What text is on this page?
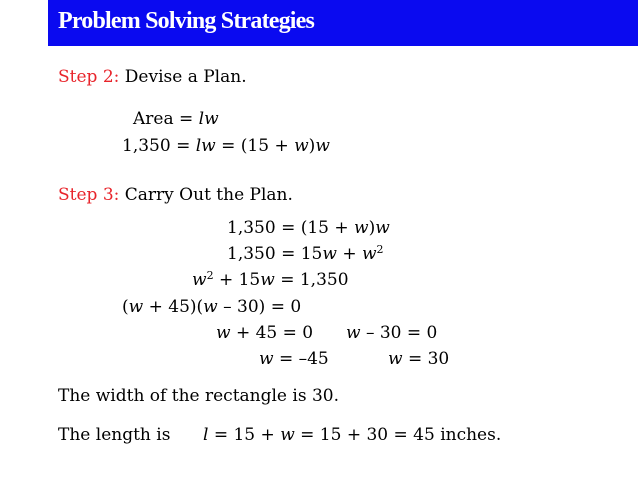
Problem Solving Strategies
Step 2: Devise a Plan.
Area = lw
1,350 = lw = (15 + w)w
Step 3: Carry Out the Plan.
1,350 = (15 + w)w
$1,350 = 15w + w^2$
$w^2 + 15w = 1,350$
(w + 45)(w – 30) = 0
w + 45 = 0 w – 30 = 0
w = –45	w = 30
The width of the rectangle is 30.
The length is l = 15 + w = 15 + 30 = 45 inches.
